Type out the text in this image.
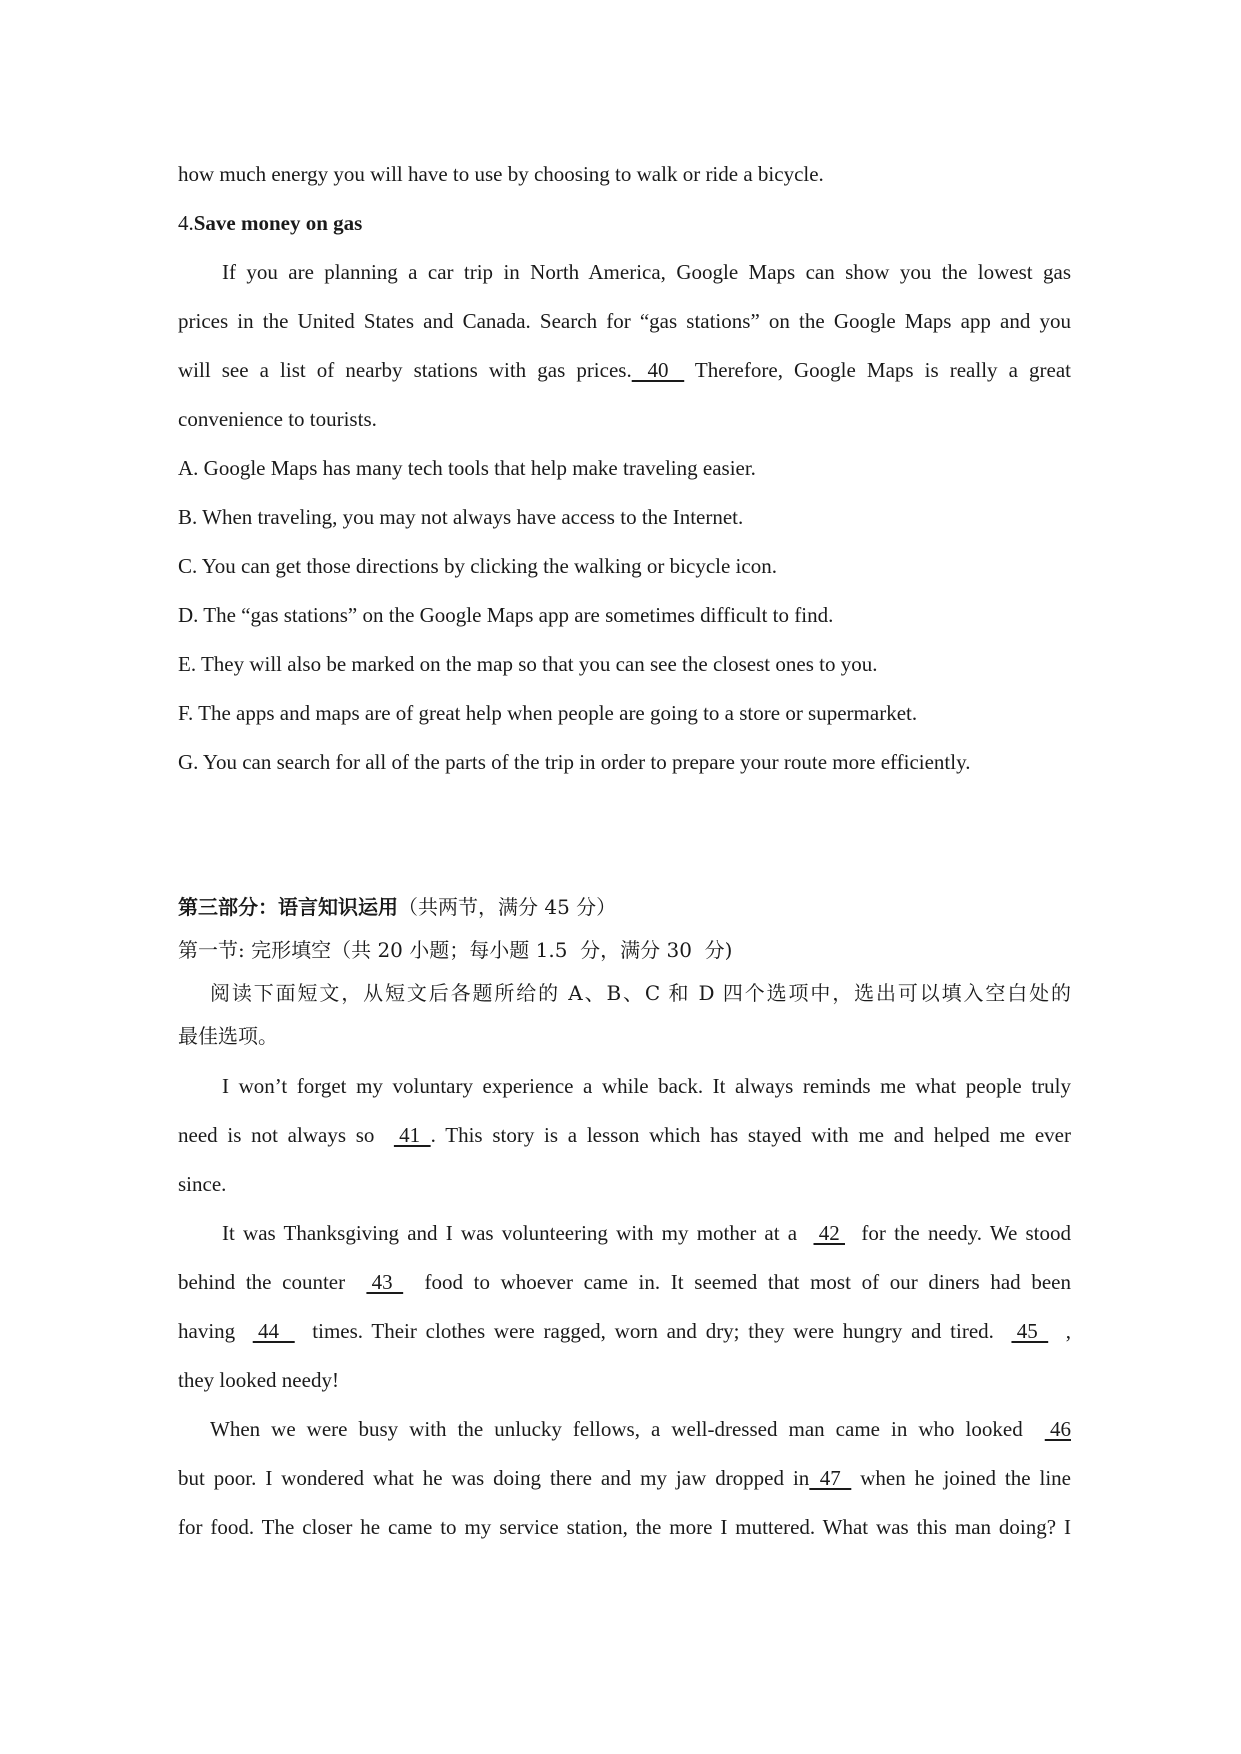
how much energy you will have to use by choosing to walk or ride a bicycle.
4.Save money on gas
If you are planning a car trip in North America, Google Maps can show you the lowest gas
prices in the United States and Canada. Search for “gas stations” on the Google Maps app and you
will see a list of nearby stations with gas prices.   40    Therefore, Google Maps is really a great
convenience to tourists.
A. Google Maps has many tech tools that help make traveling easier.
B. When traveling, you may not always have access to the Internet.
C. You can get those directions by clicking the walking or bicycle icon.
D. The “gas stations” on the Google Maps app are sometimes difficult to find.
E. They will also be marked on the map so that you can see the closest ones to you.
F. The apps and maps are of great help when people are going to a store or supermarket.
G. You can search for all of the parts of the trip in order to prepare your route more efficiently.
第三部分：语言知识运用（共两节，满分 45 分）
第一节: 完形填空（共 20 小题；每小题 1.5  分，满分 30  分)
阅读下面短文，从短文后各题所给的 A、B、C 和 D 四个选项中，选出可以填入空白处的
最佳选项。
I won’t forget my voluntary experience a while back. It always reminds me what people truly
need is not always so   41  . This story is a lesson which has stayed with me and helped me ever
since.
It was Thanksgiving and I was volunteering with my mother at a   42   for the needy. We stood
behind the counter   43    food to whoever came in. It seemed that most of our diners had been
having   44     times. Their clothes were ragged, worn and dry; they were hungry and tired.   45    ,
they looked needy!
When we were busy with the unlucky fellows, a well-dressed man came in who looked   46
but poor. I wondered what he was doing there and my jaw dropped in  47   when he joined the line
for food. The closer he came to my service station, the more I muttered. What was this man doing? I
